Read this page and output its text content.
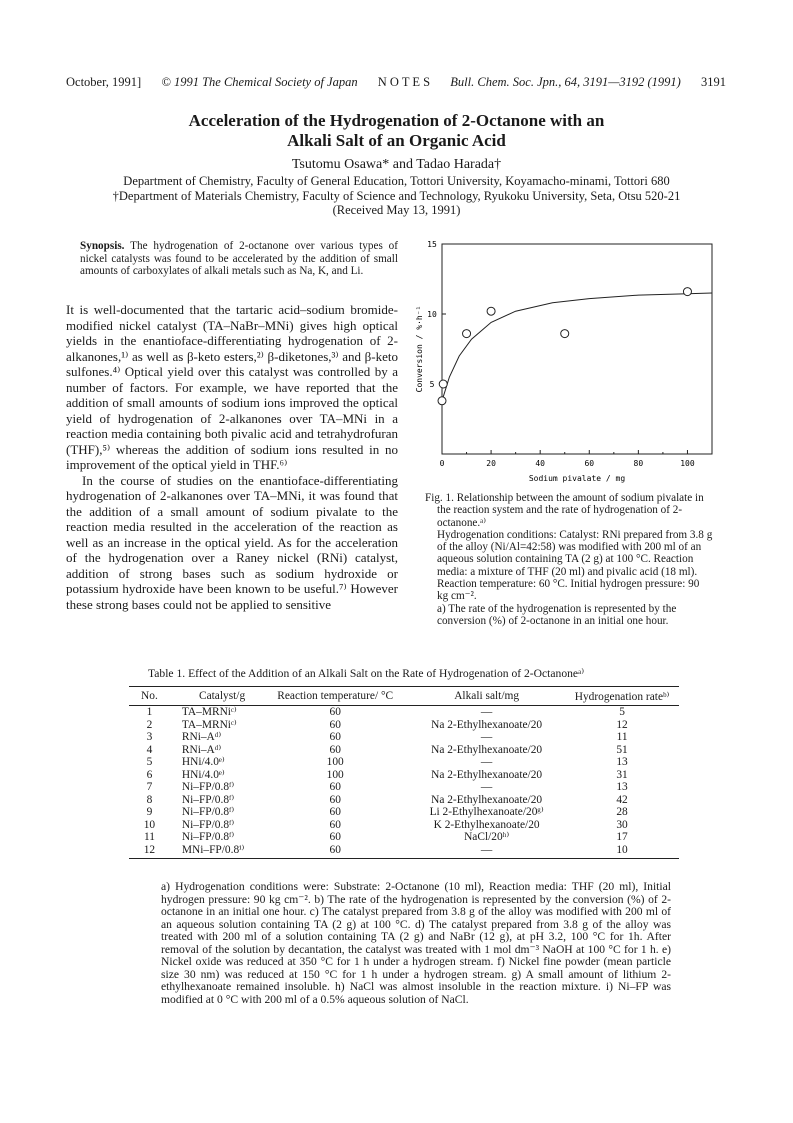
October, 1991] © 1991 The Chemical Society of Japan N O T E S Bull. Chem. Soc. Jpn., 64, 3191—3192 (1991) 3191
Acceleration of the Hydrogenation of 2-Octanone with an
Alkali Salt of an Organic Acid
Tsutomu Osawa* and Tadao Harada†
Department of Chemistry, Faculty of General Education, Tottori University, Koyamacho-minami, Tottori 680
†Department of Materials Chemistry, Faculty of Science and Technology, Ryukoku University, Seta, Otsu 520-21
(Received May 13, 1991)
Synopsis. The hydrogenation of 2-octanone over various types of nickel catalysts was found to be accelerated by the addition of small amounts of carboxylates of alkali metals such as Na, K, and Li.

It is well-documented that the tartaric acid–sodium bromide-modified nickel catalyst (TA–NaBr–MNi) gives high optical yields in the enantioface-differentiating hydrogenation of 2-alkanones,¹⁾ as well as β-keto esters,²⁾ β-diketones,³⁾ and β-keto sulfones.⁴⁾ Optical yield over this catalyst was controlled by a number of factors. For example, we have reported that the addition of small amounts of sodium ions improved the optical yield of hydrogenation of 2-alkanones over TA–MNi in a reaction media containing both pivalic acid and tetrahydrofuran (THF),⁵⁾ whereas the addition of sodium ions resulted in no improvement of the optical yield in THF.⁶⁾

In the course of studies on the enantioface-differentiating hydrogenation of 2-alkanones over TA–MNi, it was found that the addition of a small amount of sodium pivalate to the reaction media resulted in the acceleration of the reaction as well as an increase in the optical yield. As for the acceleration of the hydrogenation over a Raney nickel (RNi) catalyst, addition of strong bases such as sodium hydroxide or potassium hydroxide have been known to be useful.⁷⁾ However these strong bases could not be applied to sensitive

Conversion / %·h⁻¹
Sodium pivalate / mg
0	20	40	60	80	100
5
10
15

Fig. 1. Relationship between the amount of sodium pivalate in the reaction system and the rate of hydrogenation of 2-octanone.ᵃ⁾

Hydrogenation conditions: Catalyst: RNi prepared from 3.8 g of the alloy (Ni/Al=42:58) was modified with 200 ml of an aqueous solution containing TA (2 g) at 100 °C. Reaction media: a mixture of THF (20 ml) and pivalic acid (18 ml). Reaction temperature: 60 °C. Initial hydrogen pressure: 90 kg cm⁻².

a) The rate of the hydrogenation is represented by the conversion (%) of 2-octanone in an initial one hour.

Table 1. Effect of the Addition of an Alkali Salt on the Rate of Hydrogenation of 2-Octanoneᵃ⁾
No.	Catalyst/g	Reaction temperature/ °C	Alkali salt/mg	Hydrogenation rateᵇ⁾
1	TA–MRNiᶜ⁾	60	—	5
2	TA–MRNiᶜ⁾	60	Na 2-Ethylhexanoate/20	12
3	RNi–Aᵈ⁾	60	—	11
4	RNi–Aᵈ⁾	60	Na 2-Ethylhexanoate/20	51
5	HNi/4.0ᵉ⁾	100	—	13
6	HNi/4.0ᵉ⁾	100	Na 2-Ethylhexanoate/20	31
7	Ni–FP/0.8ᶠ⁾	60	—	13
8	Ni–FP/0.8ᶠ⁾	60	Na 2-Ethylhexanoate/20	42
9	Ni–FP/0.8ᶠ⁾	60	Li 2-Ethylhexanoate/20ᵍ⁾	28
10	Ni–FP/0.8ᶠ⁾	60	K 2-Ethylhexanoate/20	30
11	Ni–FP/0.8ᶠ⁾	60	NaCl/20ʰ⁾	17
12	MNi–FP/0.8ⁱ⁾	60	—	10

a) Hydrogenation conditions were: Substrate: 2-Octanone (10 ml), Reaction media: THF (20 ml), Initial hydrogen pressure: 90 kg cm⁻². b) The rate of the hydrogenation is represented by the conversion (%) of 2-octanone in an initial one hour. c) The catalyst prepared from 3.8 g of the alloy was modified with 200 ml of an aqueous solution containing TA (2 g) at 100 °C. d) The catalyst prepared from 3.8 g of the alloy was treated with 200 ml of a solution containing TA (2 g) and NaBr (12 g), at pH 3.2, 100 °C for 1h. After removal of the solution by decantation, the catalyst was treated with 1 mol dm⁻³ NaOH at 100 °C for 1 h. e) Nickel oxide was reduced at 350 °C for 1 h under a hydrogen stream. f) Nickel fine powder (mean particle size 30 nm) was reduced at 150 °C for 1 h under a hydrogen stream. g) A small amount of lithium 2-ethylhexanoate remained insoluble. h) NaCl was almost insoluble in the reaction mixture. i) Ni–FP was modified at 0 °C with 200 ml of a 0.5% aqueous solution of NaCl.
